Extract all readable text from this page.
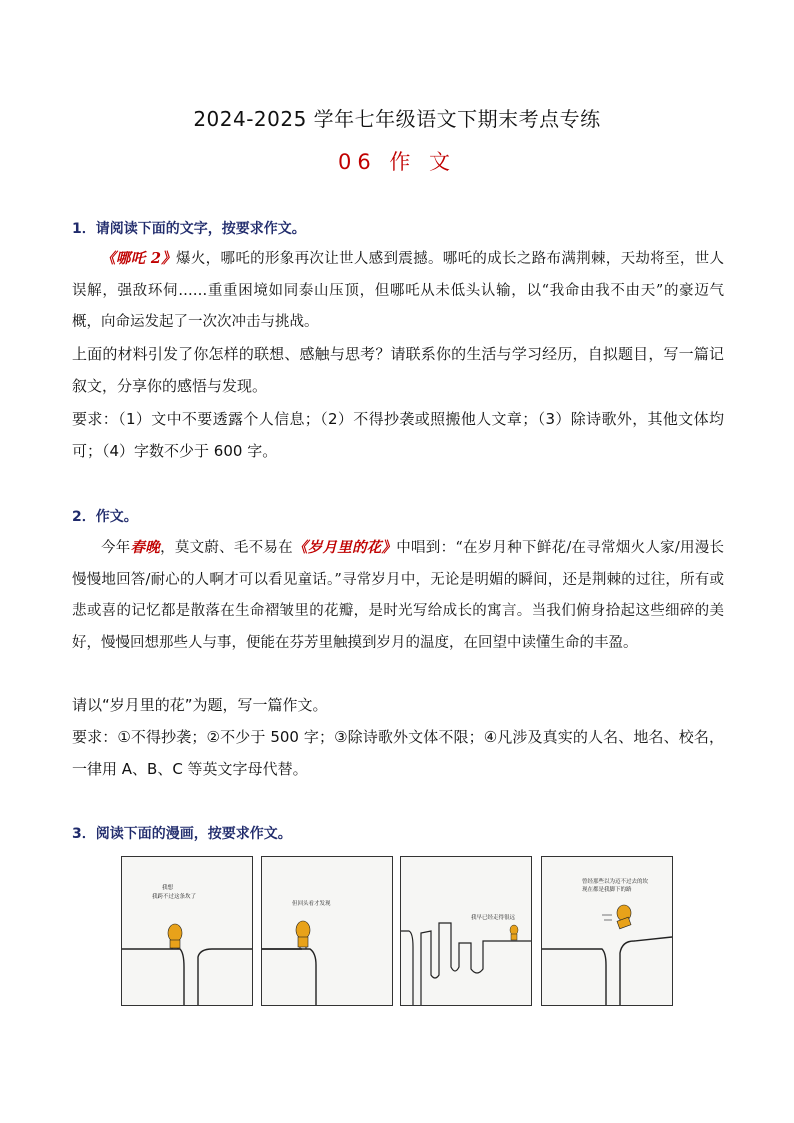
2024-2025 学年七年级语文下期末考点专练
06 作 文
1．请阅读下面的文字，按要求作文。
《哪吒 2》爆火，哪吒的形象再次让世人感到震撼。哪吒的成长之路布满荆棘，天劫将至，世人误解，强敌环伺……重重困境如同泰山压顶，但哪吒从未低头认输，以“我命由我不由天”的豪迈气概，向命运发起了一次次冲击与挑战。
上面的材料引发了你怎样的联想、感触与思考？请联系你的生活与学习经历，自拟题目，写一篇记叙文，分享你的感悟与发现。
要求：（1）文中不要透露个人信息；（2）不得抄袭或照搬他人文章；（3）除诗歌外，其他文体均可；（4）字数不少于 600 字。
2．作文。
今年春晚，莫文蔚、毛不易在《岁月里的花》中唱到：“在岁月种下鲜花/在寻常烟火人家/用漫长慢慢地回答/耐心的人啊才可以看见童话。”寻常岁月中，无论是明媚的瞬间，还是荆棘的过往，所有或悲或喜的记忆都是散落在生命褶皱里的花瓣，是时光写给成长的寓言。当我们俯身拾起这些细碎的美好，慢慢回想那些人与事，便能在芬芳里触摸到岁月的温度，在回望中读懂生命的丰盈。
请以“岁月里的花”为题，写一篇作文。
要求：①不得抄袭；②不少于 500 字；③除诗歌外文体不限；④凡涉及真实的人名、地名、校名，一律用 A、B、C 等英文字母代替。
3．阅读下面的漫画，按要求作文。
我想
我跨不过这条坎了
但回头看才发现
我早已经走得很远
曾经那些以为迈不过去的坎
现在都是我脚下的路
